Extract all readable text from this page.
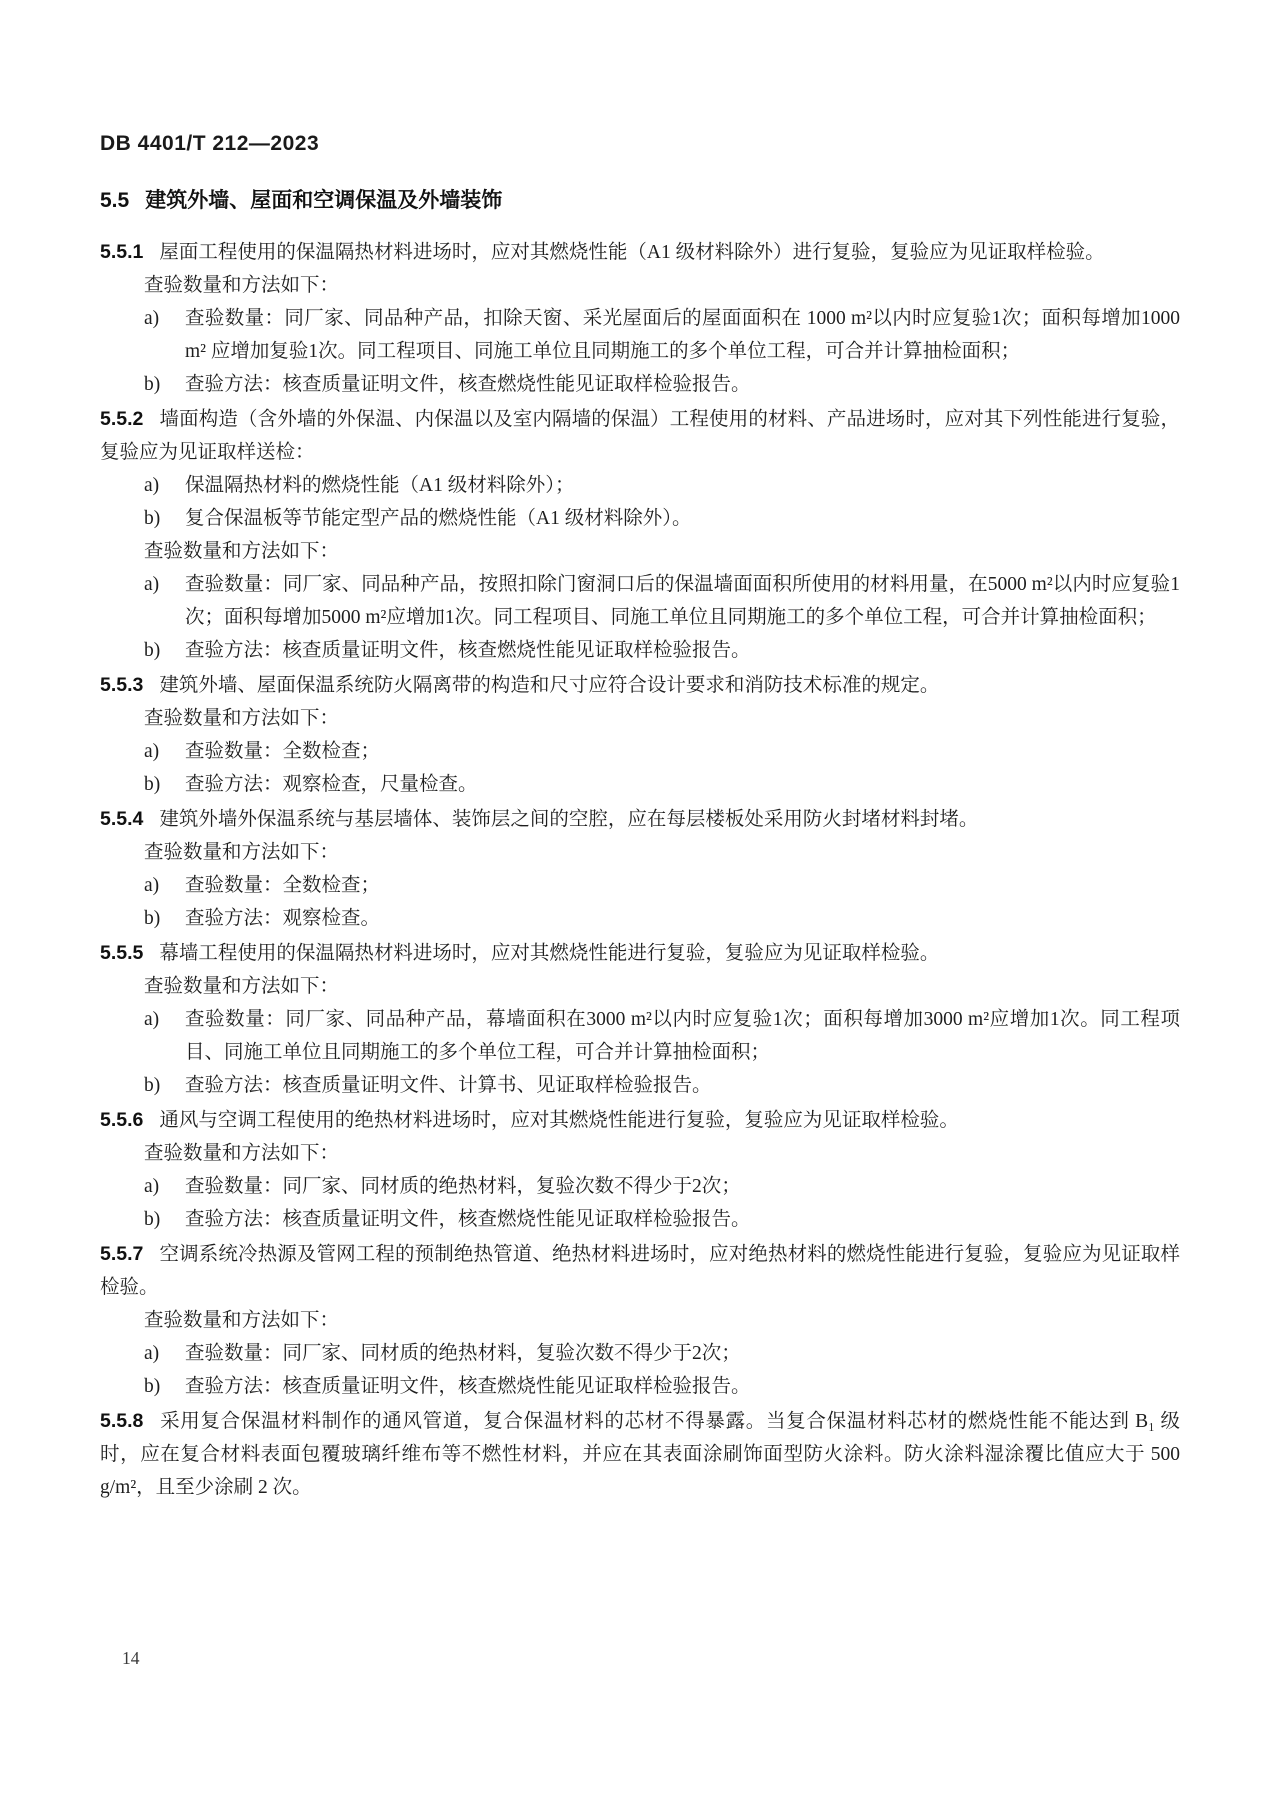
DB 4401/T 212—2023
5.5 建筑外墙、屋面和空调保温及外墙装饰

5.5.1 屋面工程使用的保温隔热材料进场时，应对其燃烧性能（A1 级材料除外）进行复验，复验应为见证取样检验。

查验数量和方法如下：

a) 查验数量：同厂家、同品种产品，扣除天窗、采光屋面后的屋面面积在 1000 m²以内时应复验1次；面积每增加1000 m² 应增加复验1次。同工程项目、同施工单位且同期施工的多个单位工程，可合并计算抽检面积；

b) 查验方法：核查质量证明文件，核查燃烧性能见证取样检验报告。

5.5.2 墙面构造（含外墙的外保温、内保温以及室内隔墙的保温）工程使用的材料、产品进场时，应对其下列性能进行复验，复验应为见证取样送检：

a) 保温隔热材料的燃烧性能（A1 级材料除外）；

b) 复合保温板等节能定型产品的燃烧性能（A1 级材料除外）。

查验数量和方法如下：

a) 查验数量：同厂家、同品种产品，按照扣除门窗洞口后的保温墙面面积所使用的材料用量，在5000 m²以内时应复验1次；面积每增加5000 m²应增加1次。同工程项目、同施工单位且同期施工的多个单位工程，可合并计算抽检面积；

b) 查验方法：核查质量证明文件，核查燃烧性能见证取样检验报告。

5.5.3 建筑外墙、屋面保温系统防火隔离带的构造和尺寸应符合设计要求和消防技术标准的规定。

查验数量和方法如下：

a) 查验数量：全数检查；

b) 查验方法：观察检查，尺量检查。

5.5.4 建筑外墙外保温系统与基层墙体、装饰层之间的空腔，应在每层楼板处采用防火封堵材料封堵。

查验数量和方法如下：

a) 查验数量：全数检查；

b) 查验方法：观察检查。

5.5.5 幕墙工程使用的保温隔热材料进场时，应对其燃烧性能进行复验，复验应为见证取样检验。

查验数量和方法如下：

a) 查验数量：同厂家、同品种产品，幕墙面积在3000 m²以内时应复验1次；面积每增加3000 m²应增加1次。同工程项目、同施工单位且同期施工的多个单位工程，可合并计算抽检面积；

b) 查验方法：核查质量证明文件、计算书、见证取样检验报告。

5.5.6 通风与空调工程使用的绝热材料进场时，应对其燃烧性能进行复验，复验应为见证取样检验。

查验数量和方法如下：

a) 查验数量：同厂家、同材质的绝热材料，复验次数不得少于2次；

b) 查验方法：核查质量证明文件，核查燃烧性能见证取样检验报告。

5.5.7 空调系统冷热源及管网工程的预制绝热管道、绝热材料进场时，应对绝热材料的燃烧性能进行复验，复验应为见证取样检验。

查验数量和方法如下：

a) 查验数量：同厂家、同材质的绝热材料，复验次数不得少于2次；

b) 查验方法：核查质量证明文件，核查燃烧性能见证取样检验报告。

5.5.8 采用复合保温材料制作的通风管道，复合保温材料的芯材不得暴露。当复合保温材料芯材的燃烧性能不能达到 B₁ 级时，应在复合材料表面包覆玻璃纤维布等不燃性材料，并应在其表面涂刷饰面型防火涂料。防火涂料湿涂覆比值应大于 500 g/m²，且至少涂刷 2 次。

14
